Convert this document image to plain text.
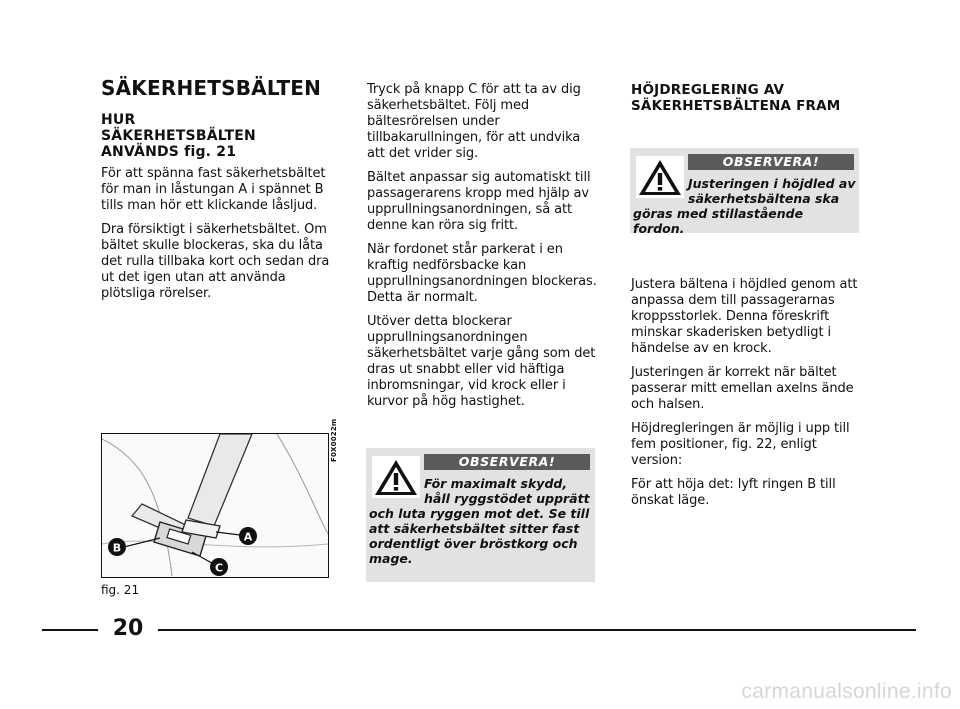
SÄKERHETSBÄLTEN
HUR
SÄKERHETSBÄLTEN
ANVÄNDS fig. 21

För att spänna fast säkerhetsbältet för man in låstungan A i spännet B tills man hör ett klickande låsljud.

Dra försiktigt i säkerhetsbältet. Om bältet skulle blockeras, ska du låta det rulla tillbaka kort och sedan dra ut det igen utan att använda plötsliga rörelser.

A
B
C
F0X0022m
fig. 21

Tryck på knapp C för att ta av dig säkerhetsbältet. Följ med bältesrörelsen under tillbakarullningen, för att undvika att det vrider sig.

Bältet anpassar sig automatiskt till passagerarens kropp med hjälp av upprullningsanordningen, så att denne kan röra sig fritt.

När fordonet står parkerat i en kraftig nedförsbacke kan upprullningsanordningen blockeras. Detta är normalt.

Utöver detta blockerar upprullningsanordningen säkerhetsbältet varje gång som det dras ut snabbt eller vid häftiga inbromsningar, vid krock eller i kurvor på hög hastighet.

OBSERVERA!
För maximalt skydd,
håll ryggstödet upprätt
och luta ryggen mot det. Se till
att säkerhetsbältet sitter fast
ordentligt över bröstkorg och
mage.
HÖJDREGLERING AV
SÄKERHETSBÄLTENA FRAM
OBSERVERA!
Justeringen i höjdled av
säkerhetsbältena ska
göras med stillastående fordon.

Justera bältena i höjdled genom att anpassa dem till passagerarnas kroppsstorlek. Denna föreskrift minskar skaderisken betydligt i händelse av en krock.

Justeringen är korrekt när bältet passerar mitt emellan axelns ände och halsen.

Höjdregleringen är möjlig i upp till fem positioner, fig. 22, enligt version:

För att höja det: lyft ringen B till önskat läge.

20
carmanualsonline.info
